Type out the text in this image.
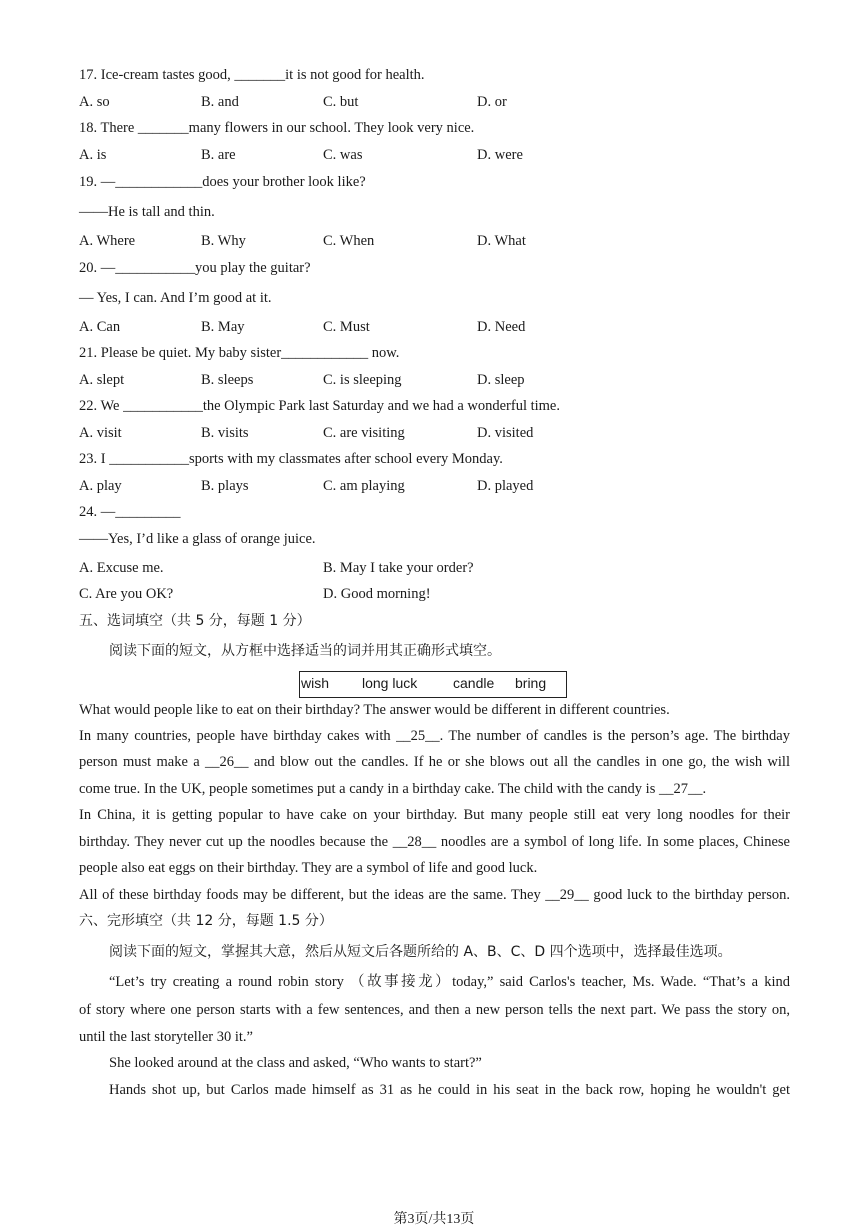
17. Ice-cream tastes good, _______it is not good for health.
A. so	B. and	C. but	D. or
18. There _______many flowers in our school. They look very nice.
A. is	B. are	C. was	D. were
19. —____________does your brother look like?
——He is tall and thin.
A. Where	B. Why	C. When	D. What
20. —___________you play the guitar?
— Yes, I can. And I’m good at it.
A. Can	B. May	C. Must	D. Need
21. Please be quiet. My baby sister____________ now.
A. slept	B. sleeps	C. is sleeping	D. sleep
22. We ___________the Olympic Park last Saturday and we had a wonderful time.
A. visit	B. visits	C. are visiting	D. visited
23. I ___________sports with my classmates after school every Monday.
A. play	B. plays	C. am playing	D. played
24. —_________
——Yes, I’d like a glass of orange juice.
A. Excuse me.	B. May I take your order?
C. Are you OK?	D. Good morning!
五、选词填空（共 5 分，每题 1 分）
阅读下面的短文，从方框中选择适当的词并用其正确形式填空。
wish long luck	candle bring
What would people like to eat on their birthday? The answer would be different in different countries.
In many countries, people have birthday cakes with __25__. The number of candles is the person’s age. The birthday
person must make a __26__ and blow out the candles. If he or she blows out all the candles in one go, the wish will
come true. In the UK, people sometimes put a candy in a birthday cake. The child with the candy is __27__.
In China, it is getting popular to have cake on your birthday. But many people still eat very long noodles for their
birthday. They never cut up the noodles because the __28__ noodles are a symbol of long life. In some places, Chinese
people also eat eggs on their birthday. They are a symbol of life and good luck.
All of these birthday foods may be different, but the ideas are the same. They __29__ good luck to the birthday person.
六、完形填空（共 12 分，每题 1.5 分）
阅读下面的短文，掌握其大意，然后从短文后各题所给的 A、B、C、D 四个选项中，选择最佳选项。
“Let’s try creating a round robin story （故事接龙）today,” said Carlos's teacher, Ms. Wade. “That’s a kind
of story where one person starts with a few sentences, and then a new person tells the next part. We pass the story on,
until the last storyteller 30 it.”
She looked around at the class and asked, “Who wants to start?”
Hands shot up, but Carlos made himself as 31 as he could in his seat in the back row, hoping he wouldn't get
第3页/共13页
